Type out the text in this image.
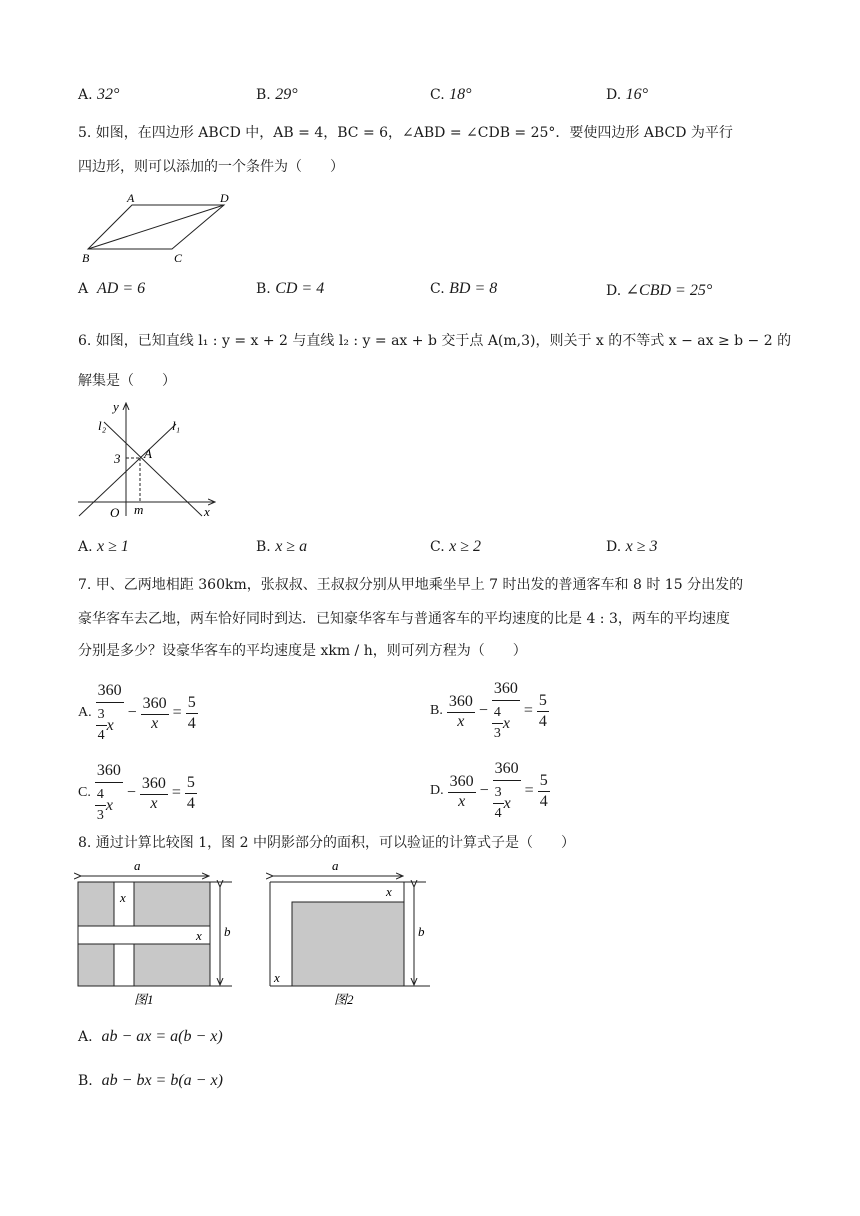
A. 32°	B. 29°	C. 18°	D. 16°
5. 如图，在四边形 ABCD 中，AB = 4，BC = 6，∠ABD = ∠CDB = 25°．要使四边形 ABCD 为平行
四边形，则可以添加的一个条件为（　　）
A	D
B	C
A AD = 6	B. CD = 4	C. BD = 8	D. ∠CBD = 25°
6. 如图，已知直线 l₁ : y = x + 2 与直线 l₂ : y = ax + b 交于点 A(m,3)，则关于 x 的不等式 x − ax ≥ b − 2 的
解集是（　　）
y
x
l₁
l₂
A
3
O m
A. x ≥ 1	B. x ≥ a	C. x ≥ 2	D. x ≥ 3
7. 甲、乙两地相距 360km，张叔叔、王叔叔分别从甲地乘坐早上 7 时出发的普通客车和 8 时 15 分出发的
豪华客车去乙地，两车恰好同时到达．已知豪华客车与普通客车的平均速度的比是 4 : 3，两车的平均速度
分别是多少？设豪华客车的平均速度是 xkm / h，则可列方程为（　　）
A.
360
$\frac{3}{4}$ x
− $\frac{360}{x} = \frac{5}{4}$	B. $\frac{360}{x} - \frac{360}{\frac{4}{3} x} = \frac{5}{4}$
C.
360
$\frac{4}{3}$ x
− $\frac{360}{x} = \frac{5}{4}$	D. $\frac{360}{x} - \frac{360}{\frac{3}{4} x} = \frac{5}{4}$
8. 通过计算比较图 1，图 2 中阴影部分的面积，可以验证的计算式子是（　　）
a
b
x
x
图1
a
b
x
x
图2
A. ab − ax = a(b − x)
B. ab − bx = b(a − x)
